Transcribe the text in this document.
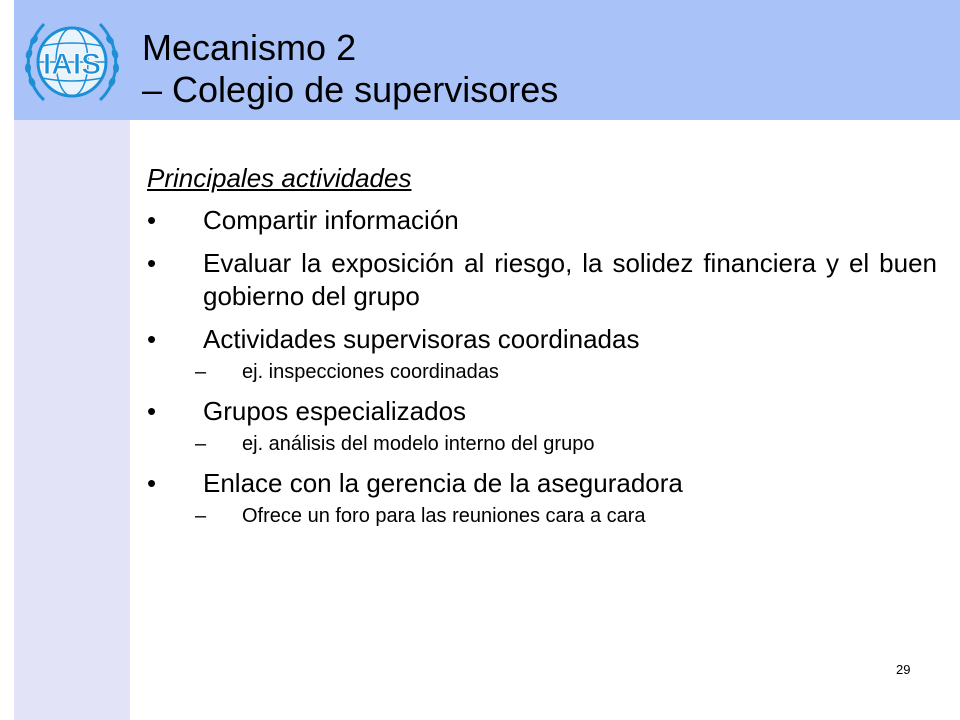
IAIS Mecanismo 2
– Colegio de supervisores
Principales actividades
• Compartir información
• Evaluar la exposición al riesgo, la solidez financiera y el buen gobierno del grupo
• Actividades supervisoras coordinadas
– ej. inspecciones coordinadas
• Grupos especializados
– ej. análisis del modelo interno del grupo
• Enlace con la gerencia de la aseguradora
– Ofrece un foro para las reuniones cara a cara
29
